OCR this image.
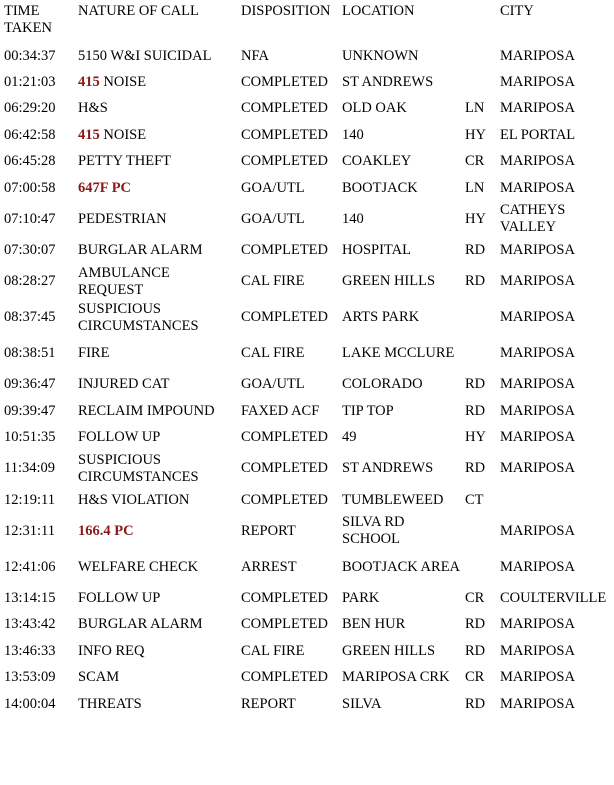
TIME TAKEN	NATURE OF CALL	DISPOSITION	LOCATION		CITY
00:34:37	5150 W&I SUICIDAL	NFA	UNKNOWN		MARIPOSA
01:21:03	415 NOISE	COMPLETED	ST ANDREWS		MARIPOSA
06:29:20	H&S	COMPLETED	OLD OAK	LN	MARIPOSA
06:42:58	415 NOISE	COMPLETED	140	HY	EL PORTAL
06:45:28	PETTY THEFT	COMPLETED	COAKLEY	CR	MARIPOSA
07:00:58	647F PC	GOA/UTL	BOOTJACK	LN	MARIPOSA
07:10:47	PEDESTRIAN	GOA/UTL	140	HY	CATHEYS VALLEY
07:30:07	BURGLAR ALARM	COMPLETED	HOSPITAL	RD	MARIPOSA
08:28:27	AMBULANCE REQUEST	CAL FIRE	GREEN HILLS	RD	MARIPOSA
08:37:45	SUSPICIOUS CIRCUMSTANCES	COMPLETED	ARTS PARK		MARIPOSA
08:38:51	FIRE	CAL FIRE	LAKE MCCLURE		MARIPOSA
09:36:47	INJURED CAT	GOA/UTL	COLORADO	RD	MARIPOSA
09:39:47	RECLAIM IMPOUND	FAXED ACF	TIP TOP	RD	MARIPOSA
10:51:35	FOLLOW UP	COMPLETED	49	HY	MARIPOSA
11:34:09	SUSPICIOUS CIRCUMSTANCES	COMPLETED	ST ANDREWS	RD	MARIPOSA
12:19:11	H&S VIOLATION	COMPLETED	TUMBLEWEED	CT	
12:31:11	166.4 PC	REPORT	SILVA RD SCHOOL		MARIPOSA
12:41:06	WELFARE CHECK	ARREST	BOOTJACK AREA		MARIPOSA
13:14:15	FOLLOW UP	COMPLETED	PARK	CR	COULTERVILLE
13:43:42	BURGLAR ALARM	COMPLETED	BEN HUR	RD	MARIPOSA
13:46:33	INFO REQ	CAL FIRE	GREEN HILLS	RD	MARIPOSA
13:53:09	SCAM	COMPLETED	MARIPOSA CRK	CR	MARIPOSA
14:00:04	THREATS	REPORT	SILVA	RD	MARIPOSA
